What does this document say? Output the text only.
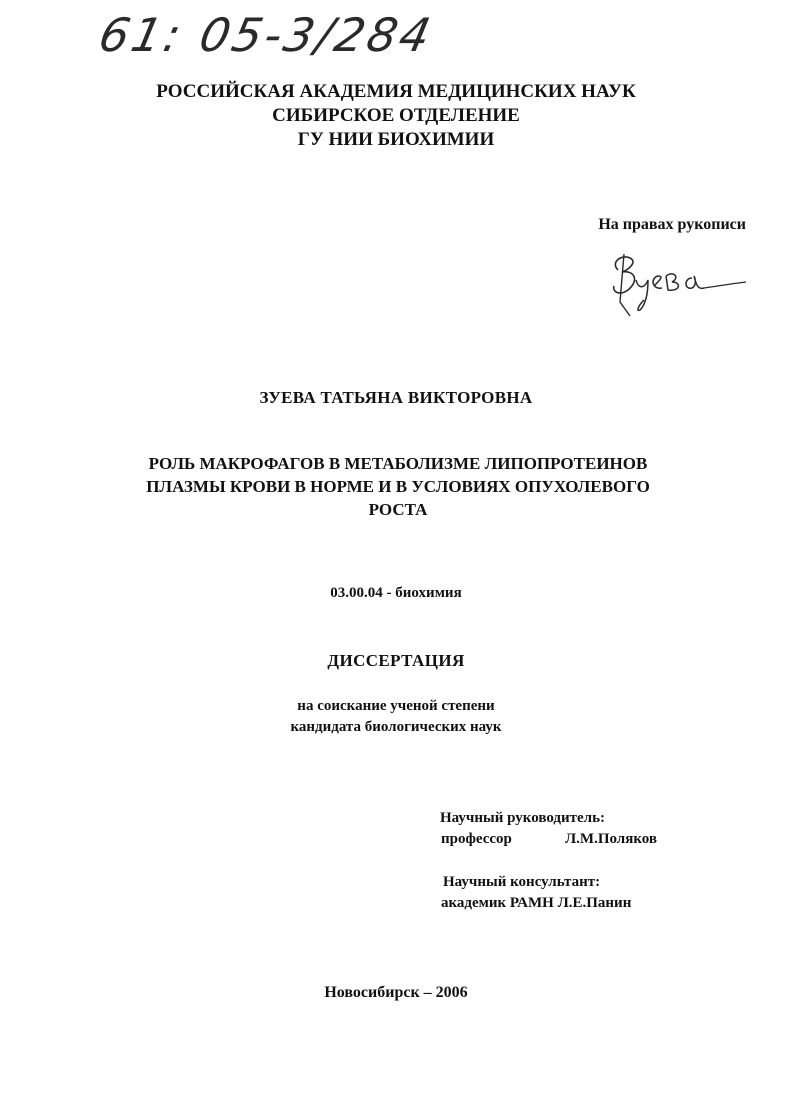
61: 05-3/284
РОССИЙСКАЯ АКАДЕМИЯ МЕДИЦИНСКИХ НАУК
СИБИРСКОЕ ОТДЕЛЕНИЕ
ГУ НИИ БИОХИМИИ
На правах рукописи
ЗУЕВА ТАТЬЯНА ВИКТОРОВНА
РОЛЬ МАКРОФАГОВ В МЕТАБОЛИЗМЕ ЛИПОПРОТЕИНОВ
ПЛАЗМЫ КРОВИ В НОРМЕ И В УСЛОВИЯХ ОПУХОЛЕВОГО
РОСТА
03.00.04 - биохимия
ДИССЕРТАЦИЯ
на соискание ученой степени
кандидата биологических наук
Научный руководитель:
профессор	Л.М.Поляков
Научный консультант:
академик РАМН Л.Е.Панин
Новосибирск – 2006
